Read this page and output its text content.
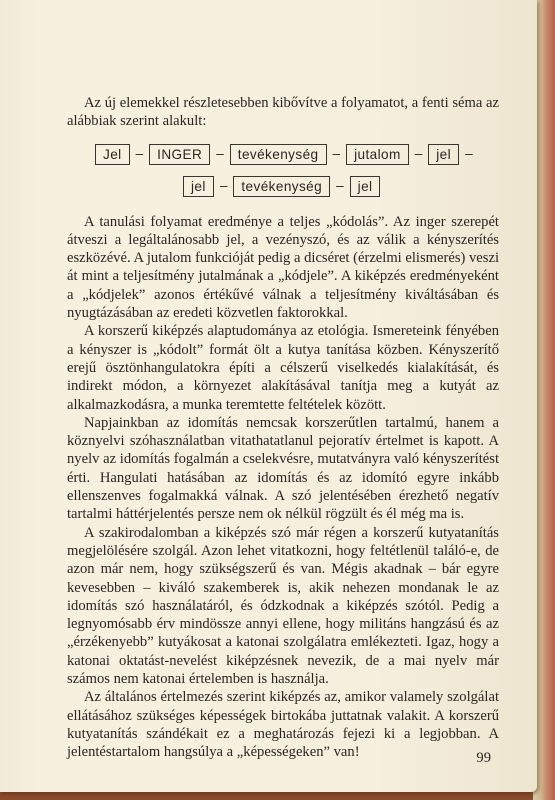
Az új elemekkel részletesebben kibővítve a folyamatot, a fenti séma az alábbiak szerint alakult:

Jel	–	INGER	–	tevékenység	–	jutalom	–	jel	–
jel	–	tevékenység	–	jel

A tanulási folyamat eredménye a teljes „kódolás”. Az inger szerepét átveszi a legáltalánosabb jel, a vezényszó, és az válik a kényszerítés eszközévé. A jutalom funkcióját pedig a dicséret (érzelmi elismerés) veszi át mint a teljesítmény jutalmának a „kódjele”. A kiképzés eredményeként a „kódjelek” azonos értékűvé válnak a teljesítmény kiváltásában és nyugtázásában az eredeti közvetlen faktorokkal.

A korszerű kiképzés alaptudománya az etológia. Ismereteink fényében a kényszer is „kódolt” formát ölt a kutya tanítása közben. Kényszerítő erejű ösztönhangulatokra építi a célszerű viselkedés kialakítását, és indirekt módon, a környezet alakításával tanítja meg a kutyát az alkalmazkodásra, a munka teremtette feltételek között.

Napjainkban az idomítás nemcsak korszerűtlen tartalmú, hanem a köznyelvi szóhasználatban vitathatatlanul pejoratív értelmet is kapott. A nyelv az idomítás fogalmán a cselekvésre, mutatványra való kényszerítést érti. Hangulati hatásában az idomítás és az idomító egyre inkább ellenszenves fogalmakká válnak. A szó jelentésében érezhető negatív tartalmi háttérjelentés persze nem ok nélkül rögzült és él még ma is.

A szakirodalomban a kiképzés szó már régen a korszerű kutyatanítás megjelölésére szolgál. Azon lehet vitatkozni, hogy feltétlenül találó-e, de azon már nem, hogy szükségszerű és van. Mégis akadnak – bár egyre kevesebben – kiváló szakemberek is, akik nehezen mondanak le az idomítás szó használatáról, és ódzkodnak a kiképzés szótól. Pedig a legnyomósabb érv mindössze annyi ellene, hogy militáns hangzású és az „érzékenyebb” kutyákosat a katonai szolgálatra emlékezteti. Igaz, hogy a katonai oktatást-nevelést kiképzésnek nevezik, de a mai nyelv már számos nem katonai értelemben is használja.

Az általános értelmezés szerint kiképzés az, amikor valamely szolgálat ellátásához szükséges képességek birtokába juttatnak valakit. A korszerű kutyatanítás szándékait ez a meghatározás fejezi ki a legjobban. A jelentéstartalom hangsúlya a „képességeken” van!	99
